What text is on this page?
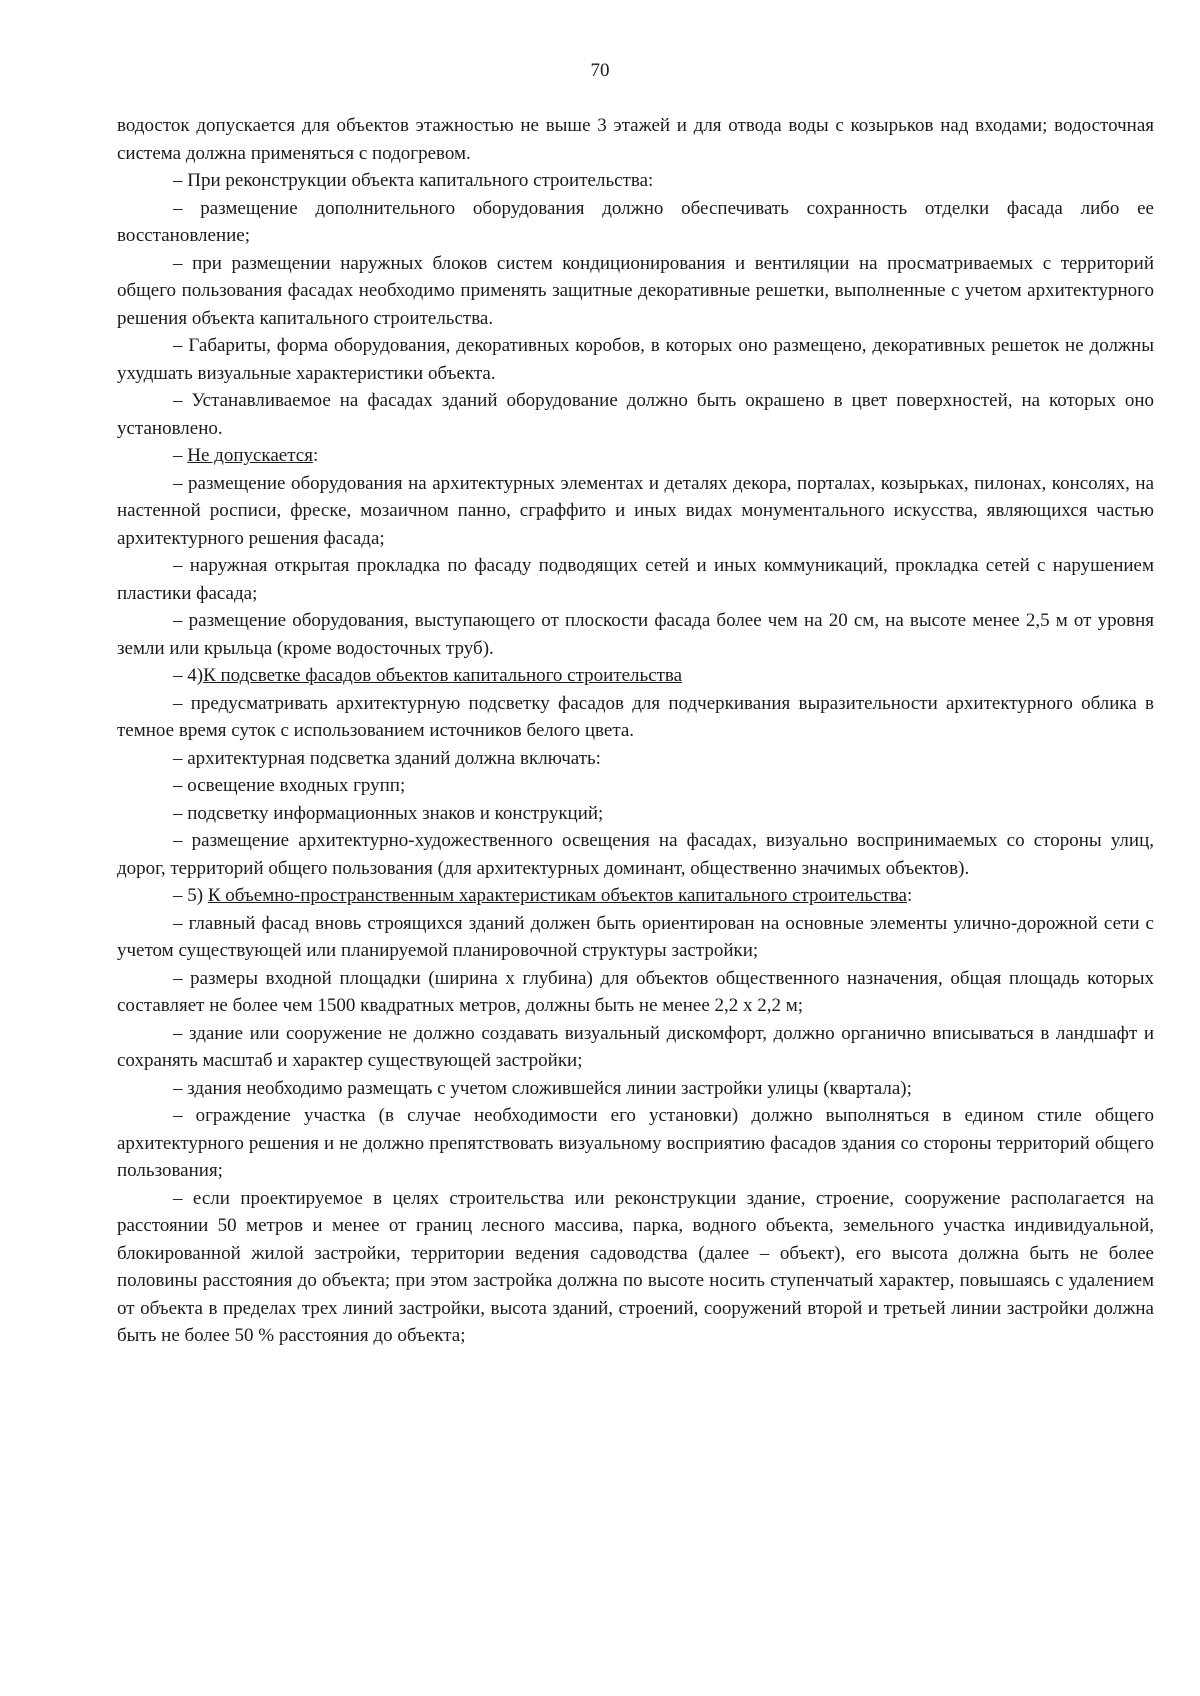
70

водосток допускается для объектов этажностью не выше 3 этажей и для отвода воды с козырьков над входами; водосточная система должна применяться с подогревом.

– При реконструкции объекта капитального строительства:

– размещение дополнительного оборудования должно обеспечивать сохранность отделки фасада либо ее восстановление;

– при размещении наружных блоков систем кондиционирования и вентиляции на просматриваемых с территорий общего пользования фасадах необходимо применять защитные декоративные решетки, выполненные с учетом архитектурного решения объекта капитального строительства.

– Габариты, форма оборудования, декоративных коробов, в которых оно размещено, декоративных решеток не должны ухудшать визуальные характеристики объекта.

– Устанавливаемое на фасадах зданий оборудование должно быть окрашено в цвет поверхностей, на которых оно установлено.

– Не допускается:

– размещение оборудования на архитектурных элементах и деталях декора, порталах, козырьках, пилонах, консолях, на настенной росписи, фреске, мозаичном панно, сграффито и иных видах монументального искусства, являющихся частью архитектурного решения фасада;

– наружная открытая прокладка по фасаду подводящих сетей и иных коммуникаций, прокладка сетей с нарушением пластики фасада;

– размещение оборудования, выступающего от плоскости фасада более чем на 20 см, на высоте менее 2,5 м от уровня земли или крыльца (кроме водосточных труб).

– 4)К подсветке фасадов объектов капитального строительства

– предусматривать архитектурную подсветку фасадов для подчеркивания выразительности архитектурного облика в темное время суток с использованием источников белого цвета.

– архитектурная подсветка зданий должна включать:

– освещение входных групп;

– подсветку информационных знаков и конструкций;

– размещение архитектурно-художественного освещения на фасадах, визуально воспринимаемых со стороны улиц, дорог, территорий общего пользования (для архитектурных доминант, общественно значимых объектов).

– 5) К объемно-пространственным характеристикам объектов капитального строительства:

– главный фасад вновь строящихся зданий должен быть ориентирован на основные элементы улично-дорожной сети с учетом существующей или планируемой планировочной структуры застройки;

– размеры входной площадки (ширина х глубина) для объектов общественного назначения, общая площадь которых составляет не более чем 1500 квадратных метров, должны быть не менее 2,2 х 2,2 м;

– здание или сооружение не должно создавать визуальный дискомфорт, должно органично вписываться в ландшафт и сохранять масштаб и характер существующей застройки;

– здания необходимо размещать с учетом сложившейся линии застройки улицы (квартала);

– ограждение участка (в случае необходимости его установки) должно выполняться в едином стиле общего архитектурного решения и не должно препятствовать визуальному восприятию фасадов здания со стороны территорий общего пользования;

– если проектируемое в целях строительства или реконструкции здание, строение, сооружение располагается на расстоянии 50 метров и менее от границ лесного массива, парка, водного объекта, земельного участка индивидуальной, блокированной жилой застройки, территории ведения садоводства (далее – объект), его высота должна быть не более половины расстояния до объекта; при этом застройка должна по высоте носить ступенчатый характер, повышаясь с удалением от объекта в пределах трех линий застройки, высота зданий, строений, сооружений второй и третьей линии застройки должна быть не более 50 % расстояния до объекта;
